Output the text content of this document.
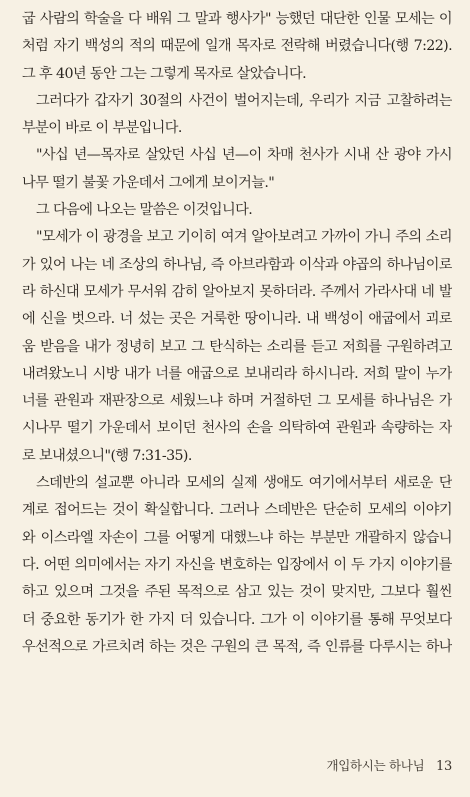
굽 사람의 학술을 다 배워 그 말과 행사가" 능했던 대단한 인물 모세는 이
처럼 자기 백성의 적의 때문에 일개 목자로 전락해 버렸습니다(행 7:22).
그 후 40년 동안 그는 그렇게 목자로 살았습니다.
그러다가 갑자기 30절의 사건이 벌어지는데, 우리가 지금 고찰하려는
부분이 바로 이 부분입니다.
"사십 년—목자로 살았던 사십 년—이 차매 천사가 시내 산 광야 가시
나무 떨기 불꽃 가운데서 그에게 보이거늘."
그 다음에 나오는 말씀은 이것입니다.
"모세가 이 광경을 보고 기이히 여겨 알아보려고 가까이 가니 주의 소리
가 있어 나는 네 조상의 하나님, 즉 아브라함과 이삭과 야곱의 하나님이로
라 하신대 모세가 무서워 감히 알아보지 못하더라. 주께서 가라사대 네 발
에 신을 벗으라. 너 섰는 곳은 거룩한 땅이니라. 내 백성이 애굽에서 괴로
움 받음을 내가 정녕히 보고 그 탄식하는 소리를 듣고 저희를 구원하려고
내려왔노니 시방 내가 너를 애굽으로 보내리라 하시니라. 저희 말이 누가
너를 관원과 재판장으로 세웠느냐 하며 거절하던 그 모세를 하나님은 가
시나무 떨기 가운데서 보이던 천사의 손을 의탁하여 관원과 속량하는 자
로 보내셨으니"(행 7:31-35).
스데반의 설교뿐 아니라 모세의 실제 생애도 여기에서부터 새로운 단
계로 접어드는 것이 확실합니다. 그러나 스데반은 단순히 모세의 이야기
와 이스라엘 자손이 그를 어떻게 대했느냐 하는 부분만 개괄하지 않습니
다. 어떤 의미에서는 자기 자신을 변호하는 입장에서 이 두 가지 이야기를
하고 있으며 그것을 주된 목적으로 삼고 있는 것이 맞지만, 그보다 훨씬
더 중요한 동기가 한 가지 더 있습니다. 그가 이 이야기를 통해 무엇보다
우선적으로 가르치려 하는 것은 구원의 큰 목적, 즉 인류를 다루시는 하나
개입하시는 하나님 13
